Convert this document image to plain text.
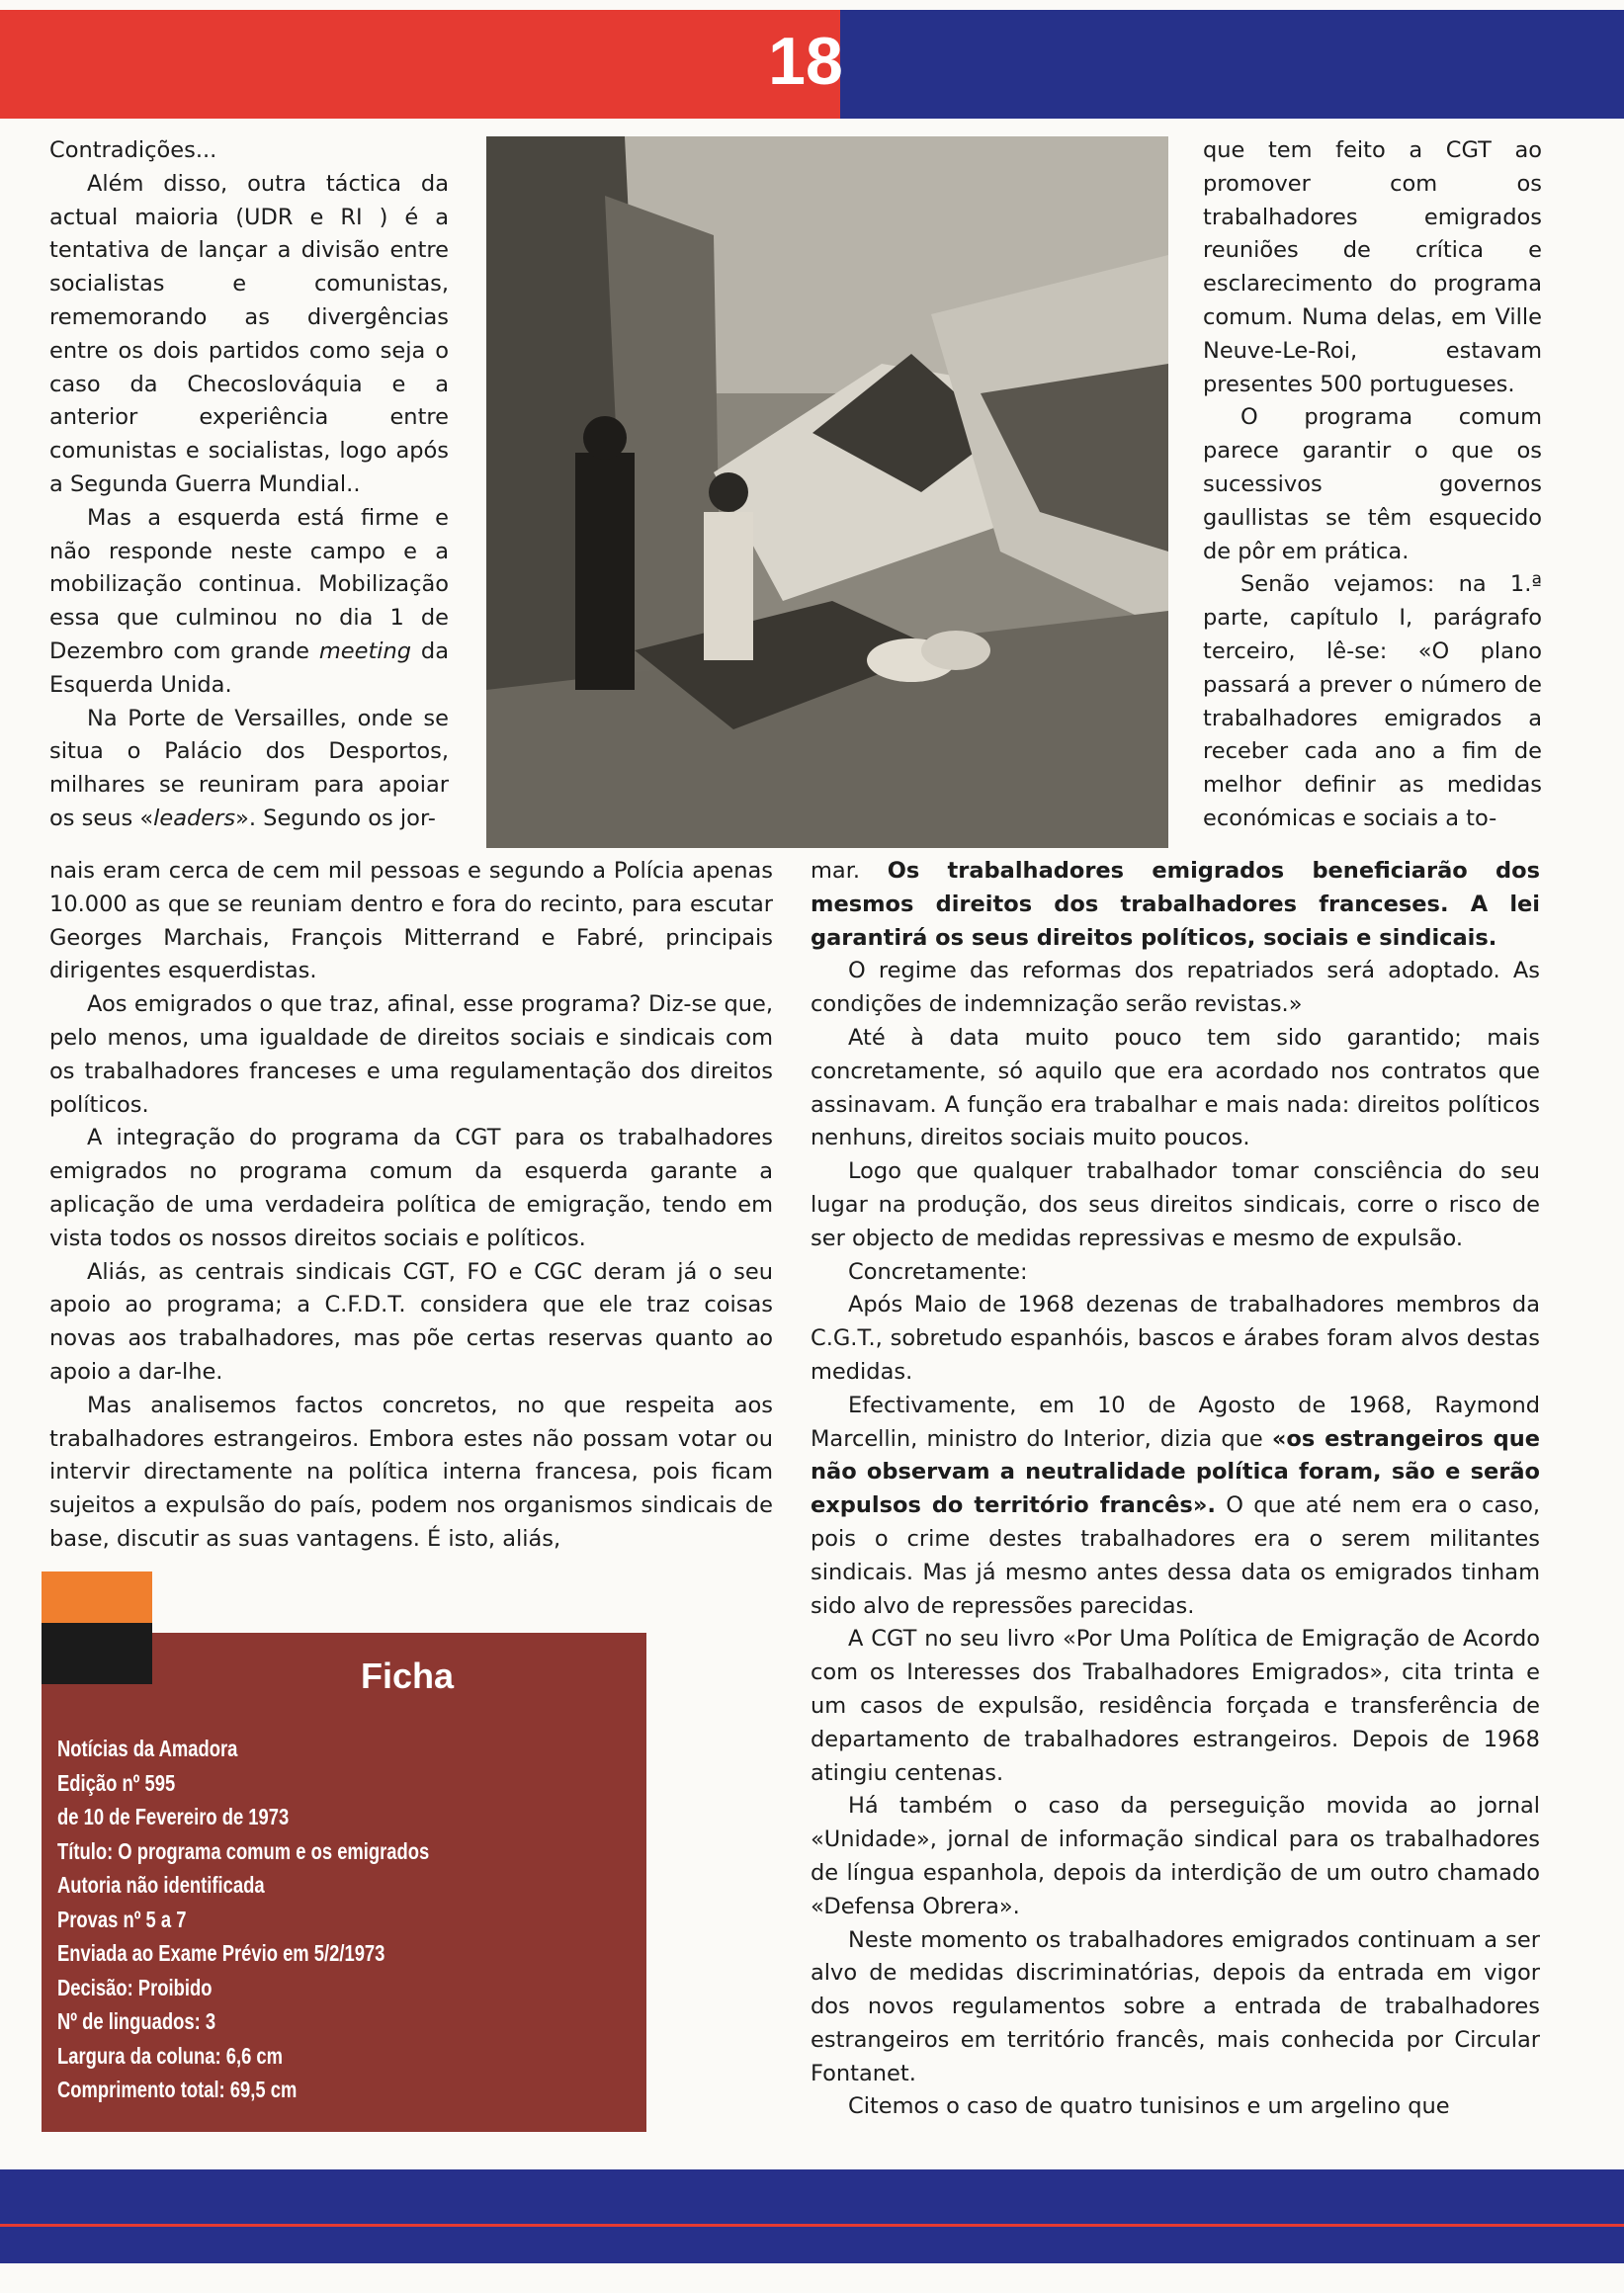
18

Contradições...

Além disso, outra táctica da actual maioria (UDR e RI ) é a tentativa de lançar a divisão entre socialistas e comunistas, rememorando as divergências entre os dois partidos como seja o caso da Checoslováquia e a anterior experiência entre comunistas e socialistas, logo após a Segunda Guerra Mundial..

Mas a esquerda está firme e não responde neste campo e a mobilização continua. Mobilização essa que culminou no dia 1 de Dezembro com grande meeting da Esquerda Unida.

Na Porte de Versailles, onde se situa o Palácio dos Desportos, milhares se reuniram para apoiar os seus «leaders». Segundo os jor-

que tem feito a CGT ao promover com os trabalhadores emigrados reuniões de crítica e esclarecimento do programa comum. Numa delas, em Ville Neuve-Le-Roi, estavam presentes 500 portugueses.

O programa comum parece garantir o que os sucessivos governos gaullistas se têm esquecido de pôr em prática.

Senão vejamos: na 1.ª parte, capítulo I, parágrafo terceiro, lê-se: «O plano passará a prever o número de trabalhadores emigrados a receber cada ano a fim de melhor definir as medidas económicas e sociais a to-

nais eram cerca de cem mil pessoas e segundo a Polícia apenas 10.000 as que se reuniam dentro e fora do recinto, para escutar Georges Marchais, François Mitterrand e Fabré, principais dirigentes esquerdistas.

Aos emigrados o que traz, afinal, esse programa? Diz-se que, pelo menos, uma igualdade de direitos sociais e sindicais com os trabalhadores franceses e uma regulamentação dos direitos políticos.

A integração do programa da CGT para os trabalhadores emigrados no programa comum da esquerda garante a aplicação de uma verdadeira política de emigração, tendo em vista todos os nossos direitos sociais e políticos.

Aliás, as centrais sindicais CGT, FO e CGC deram já o seu apoio ao programa; a C.F.D.T. considera que ele traz coisas novas aos trabalhadores, mas põe certas reservas quanto ao apoio a dar-lhe.

Mas analisemos factos concretos, no que respeita aos trabalhadores estrangeiros. Embora estes não possam votar ou intervir directamente na política interna francesa, pois ficam sujeitos a expulsão do país, podem nos organismos sindicais de base, discutir as suas vantagens. É isto, aliás,

mar. Os trabalhadores emigrados beneficiarão dos mesmos direitos dos trabalhadores franceses. A lei garantirá os seus direitos políticos, sociais e sindicais.

O regime das reformas dos repatriados será adoptado. As condições de indemnização serão revistas.»

Até à data muito pouco tem sido garantido; mais concretamente, só aquilo que era acordado nos contratos que assinavam. A função era trabalhar e mais nada: direitos políticos nenhuns, direitos sociais muito poucos.

Logo que qualquer trabalhador tomar consciência do seu lugar na produção, dos seus direitos sindicais, corre o risco de ser objecto de medidas repressivas e mesmo de expulsão.

Concretamente:

Após Maio de 1968 dezenas de trabalhadores membros da C.G.T., sobretudo espanhóis, bascos e árabes foram alvos destas medidas.

Efectivamente, em 10 de Agosto de 1968, Raymond Marcellin, ministro do Interior, dizia que «os estrangeiros que não observam a neutralidade política foram, são e serão expulsos do território francês». O que até nem era o caso, pois o crime destes trabalhadores era o serem militantes sindicais. Mas já mesmo antes dessa data os emigrados tinham sido alvo de repressões parecidas.

A CGT no seu livro «Por Uma Política de Emigração de Acordo com os Interesses dos Trabalhadores Emigrados», cita trinta e um casos de expulsão, residência forçada e transferência de departamento de trabalhadores estrangeiros. Depois de 1968 atingiu centenas.

Há também o caso da perseguição movida ao jornal «Unidade», jornal de informação sindical para os trabalhadores de língua espanhola, depois da interdição de um outro chamado «Defensa Obrera».

Neste momento os trabalhadores emigrados continuam a ser alvo de medidas discriminatórias, depois da entrada em vigor dos novos regulamentos sobre a entrada de trabalhadores estrangeiros em território francês, mais conhecida por Circular Fontanet.

Citemos o caso de quatro tunisinos e um argelino que

Ficha
Notícias da Amadora
Edição nº 595
de 10 de Fevereiro de 1973
Título: O programa comum e os emigrados
Autoria não identificada
Provas nº 5 a 7
Enviada ao Exame Prévio em 5/2/1973
Decisão: Proibido
Nº de linguados: 3
Largura da coluna: 6,6 cm
Comprimento total: 69,5 cm
